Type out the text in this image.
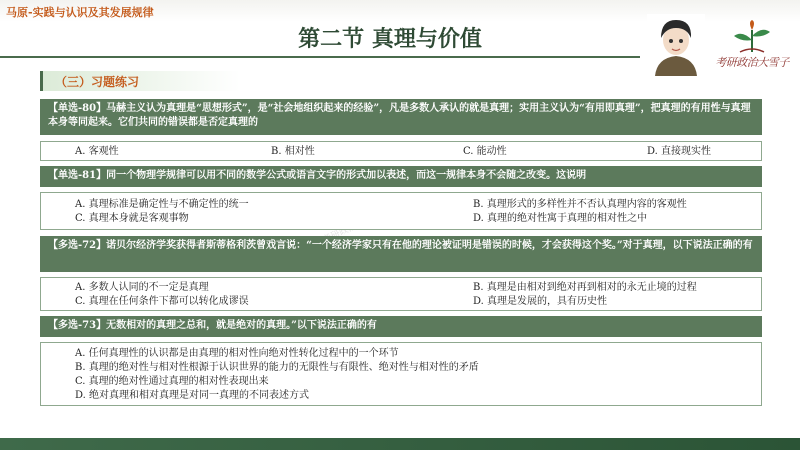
马原-实践与认识及其发展规律
第二节 真理与价值
考研政治大雪子
（三）习题练习
【单选-80】马赫主义认为真理是“思想形式”，是“社会地组织起来的经验”，凡是多数人承认的就是真理；实用主义认为“有用即真理”，把真理的有用性与真理本身等同起来。它们共同的错误都是否定真理的
A. 客观性	B. 相对性	C. 能动性	D. 直接现实性
【单选-81】同一个物理学规律可以用不同的数学公式或语言文字的形式加以表述，而这一规律本身不会随之改变。这说明
A. 真理标准是确定性与不确定性的统一	B. 真理形式的多样性并不否认真理内容的客观性
C. 真理本身就是客观事物	D. 真理的绝对性寓于真理的相对性之中
【多选-72】诺贝尔经济学奖获得者斯蒂格利茨曾戏言说：“一个经济学家只有在他的理论被证明是错误的时候，才会获得这个奖。”对于真理，以下说法正确的有
A. 多数人认同的不一定是真理	B. 真理是由相对到绝对再到相对的永无止境的过程
C. 真理在任何条件下都可以转化成谬误	D. 真理是发展的，具有历史性
【多选-73】无数相对的真理之总和，就是绝对的真理。”以下说法正确的有
A. 任何真理性的认识都是由真理的相对性向绝对性转化过程中的一个环节
B. 真理的绝对性与相对性根源于认识世界的能力的无限性与有限性、绝对性与相对性的矛盾
C. 真理的绝对性通过真理的相对性表现出来
D. 绝对真理和相对真理是对同一真理的不同表述方式
